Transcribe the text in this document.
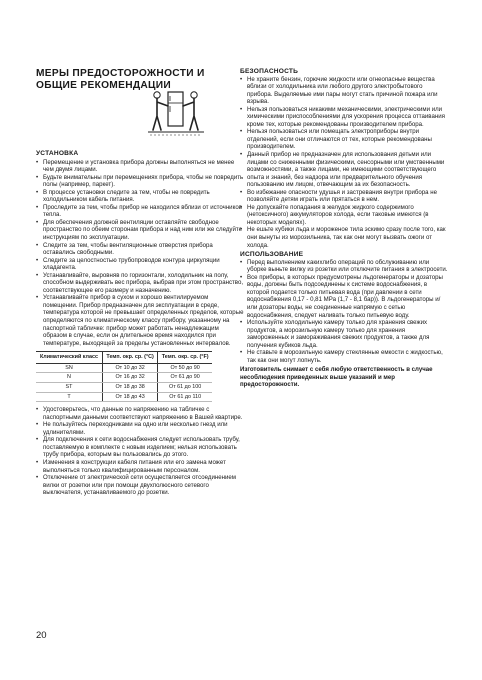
МЕРЫ ПРЕДОСТОРОЖНОСТИ И ОБЩИЕ РЕКОМЕНДАЦИИ

УСТАНОВКА

• Перемещение и установка прибора должны выполняться не менее чем двумя лицами.
• Будьте внимательны при перемещениях прибора, чтобы не повредить полы (например, паркет).
• В процессе установки следите за тем, чтобы не повредить холодильником кабель питания.
• Проследите за тем, чтобы прибор не находился вблизи от источников тепла.
• Для обеспечения должной вентиляции оставляйте свободное пространство по обеим сторонам прибора и над ним или же следуйте инструкциям по эксплуатации.
• Следите за тем, чтобы вентиляционные отверстия прибора оставались свободными.
• Следите за целостностью трубопроводов контура циркуляции хладагента.
• Устанавливайте, выровняв по горизонтали, холодильник на полу, способном выдерживать вес прибора, выбрав при этом пространство, соответствующее его размеру и назначению.
• Устанавливайте прибор в сухом и хорошо вентилируемом помещении. Прибор предназначен для эксплуатации в среде, температура которой не превышает определенных пределов, которые определяются по климатическому классу прибору, указанному на паспортной табличке: прибор может работать ненадлежащим образом в случае, если он длительное время находился при температуре, выходящей за пределы установленных интервалов.
Климатический класс	Темп. окр. ср. (°C)	Темп. окр. ср. (°F)
SN	От 10 до 32	От 50 до 90
N	От 16 до 32	От 61 до 90
ST	От 18 до 38	От 61 до 100
T	От 18 до 43	От 61 до 110
• Удостоверьтесь, что данные по напряжению на табличке с паспортными данными соответствуют напряжению в Вашей квартире.
• Не пользуйтесь переходниками на одно или несколько гнезд или удлинителями.
• Для подключения к сети водоснабжения следует использовать трубу, поставляемую в комплекте с новым изделием; нельзя использовать трубу прибора, которым вы пользовались до этого.
• Изменения в конструкции кабеля питания или его замена может выполняться только квалифицированным персоналом.
• Отключение от электрической сети осуществляется отсоединением вилки от розетки или при помощи двухполюсного сетевого выключателя, устанавливаемого до розетки.

БЕЗОПАСНОСТЬ

• Не храните бензин, горючие жидкости или огнеопасные вещества вблизи от холодильника или любого другого электробытового прибора. Выделяемые ими пары могут стать причиной пожара или взрыва.
• Нельзя пользоваться никакими механическими, электрическими или химическими приспособлениями для ускорения процесса оттаивания кроме тех, которые рекомендованы производителем прибора.
• Нельзя пользоваться или помещать электроприборы внутри отделений, если они отличаются от тех, которые рекомендованы производителем.
• Данный прибор не предназначен для использования детьми или лицами со сниженными физическими, сенсорными или умственными возможностями, а также лицами, не имеющими соответствующего опыта и знаний, без надзора или предварительного обучения пользованию им лицом, отвечающим за их безопасность.
• Во избежание опасности удушья и застревания внутри прибора не позволяйте детям играть или прятаться в нем.
• Не допускайте попадания в желудок жидкого содержимого (нетоксичного) аккумуляторов холода, если таковые имеются (в некоторых моделях).
• Не ешьте кубики льда и мороженое тила эскимо сразу после того, как они вынуты из морозильника, так как они могут вызвать ожоги от холода.

ИСПОЛЬЗОВАНИЕ

• Перед выполнением какихлибо операций по обслуживанию или уборке выньте вилку из розетки или отключите питания в электросети.
• Все приборы, в которых предусмотрены льдогенераторы и дозаторы воды, должны быть подсоединены к системе водоснабжения, в которой подается только питьевая вода (при давлении в сети водоснабжения 0,17 - 0,81 МРа (1,7 - 8,1 бар)). В льдогенераторы и/или дозаторы воды, не соединенные напрямую с сетью водоснабжения, следует наливать только питьевую воду.
• Используйте холодильную камеру только для хранения свежих продуктов, а морозильную камеру только для хранения замороженных и замораживания свежих продуктов, а также для получения кубиков льда.
• Не ставьте в морозильную камеру стеклянные емкости с жидкостью, так как они могут лопнуть.

Изготовитель снимает с себя любую ответственность в случае несоблюдения приведенных выше указаний и мер предосторожности.

20
